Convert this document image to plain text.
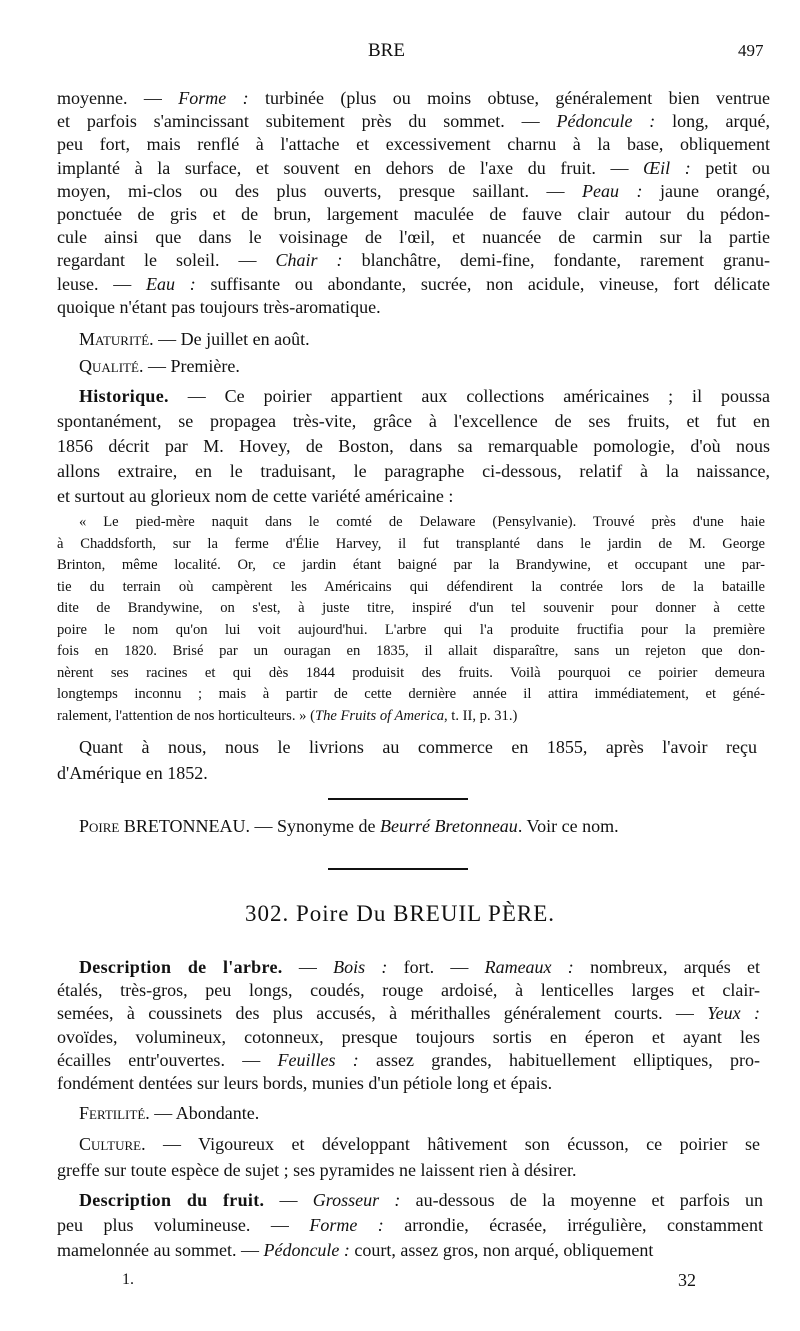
BRE	497
moyenne. — Forme : turbinée (plus ou moins obtuse, généralement bien ventrue
et parfois s'amincissant subitement près du sommet. — Pédoncule : long, arqué,
peu fort, mais renflé à l'attache et excessivement charnu à la base, obliquement
implanté à la surface, et souvent en dehors de l'axe du fruit. — Œil : petit ou
moyen, mi-clos ou des plus ouverts, presque saillant. — Peau : jaune orangé,
ponctuée de gris et de brun, largement maculée de fauve clair autour du pédon-
cule ainsi que dans le voisinage de l'œil, et nuancée de carmin sur la partie
regardant le soleil. — Chair : blanchâtre, demi-fine, fondante, rarement granu-
leuse. — Eau : suffisante ou abondante, sucrée, non acidule, vineuse, fort délicate
quoique n'étant pas toujours très-aromatique.
Maturité. — De juillet en août.
Qualité. — Première.
Historique. — Ce poirier appartient aux collections américaines ; il poussa
spontanément, se propagea très-vite, grâce à l'excellence de ses fruits, et fut en
1856 décrit par M. Hovey, de Boston, dans sa remarquable pomologie, d'où nous
allons extraire, en le traduisant, le paragraphe ci-dessous, relatif à la naissance,
et surtout au glorieux nom de cette variété américaine :
« Le pied-mère naquit dans le comté de Delaware (Pensylvanie). Trouvé près d'une haie
à Chaddsforth, sur la ferme d'Élie Harvey, il fut transplanté dans le jardin de M. George
Brinton, même localité. Or, ce jardin étant baigné par la Brandywine, et occupant une par-
tie du terrain où campèrent les Américains qui défendirent la contrée lors de la bataille
dite de Brandywine, on s'est, à juste titre, inspiré d'un tel souvenir pour donner à cette
poire le nom qu'on lui voit aujourd'hui. L'arbre qui l'a produite fructifia pour la première
fois en 1820. Brisé par un ouragan en 1835, il allait disparaître, sans un rejeton que don-
nèrent ses racines et qui dès 1844 produisit des fruits. Voilà pourquoi ce poirier demeura
longtemps inconnu ; mais à partir de cette dernière année il attira immédiatement, et géné-
ralement, l'attention de nos horticulteurs. » (The Fruits of America, t. II, p. 31.)
Quant à nous, nous le livrions au commerce en 1855, après l'avoir reçu
d'Amérique en 1852.
Poire BRETONNEAU. — Synonyme de Beurré Bretonneau. Voir ce nom.
302. Poire Du BREUIL PÈRE.
Description de l'arbre. — Bois : fort. — Rameaux : nombreux, arqués et
étalés, très-gros, peu longs, coudés, rouge ardoisé, à lenticelles larges et clair-
semées, à coussinets des plus accusés, à mérithalles généralement courts. — Yeux :
ovoïdes, volumineux, cotonneux, presque toujours sortis en éperon et ayant les
écailles entr'ouvertes. — Feuilles : assez grandes, habituellement elliptiques, pro-
fondément dentées sur leurs bords, munies d'un pétiole long et épais.
Fertilité. — Abondante.
Culture. — Vigoureux et développant hâtivement son écusson, ce poirier se
greffe sur toute espèce de sujet ; ses pyramides ne laissent rien à désirer.
Description du fruit. — Grosseur : au-dessous de la moyenne et parfois un
peu plus volumineuse. — Forme : arrondie, écrasée, irrégulière, constamment
mamelonnée au sommet. — Pédoncule : court, assez gros, non arqué, obliquement
1.	32
